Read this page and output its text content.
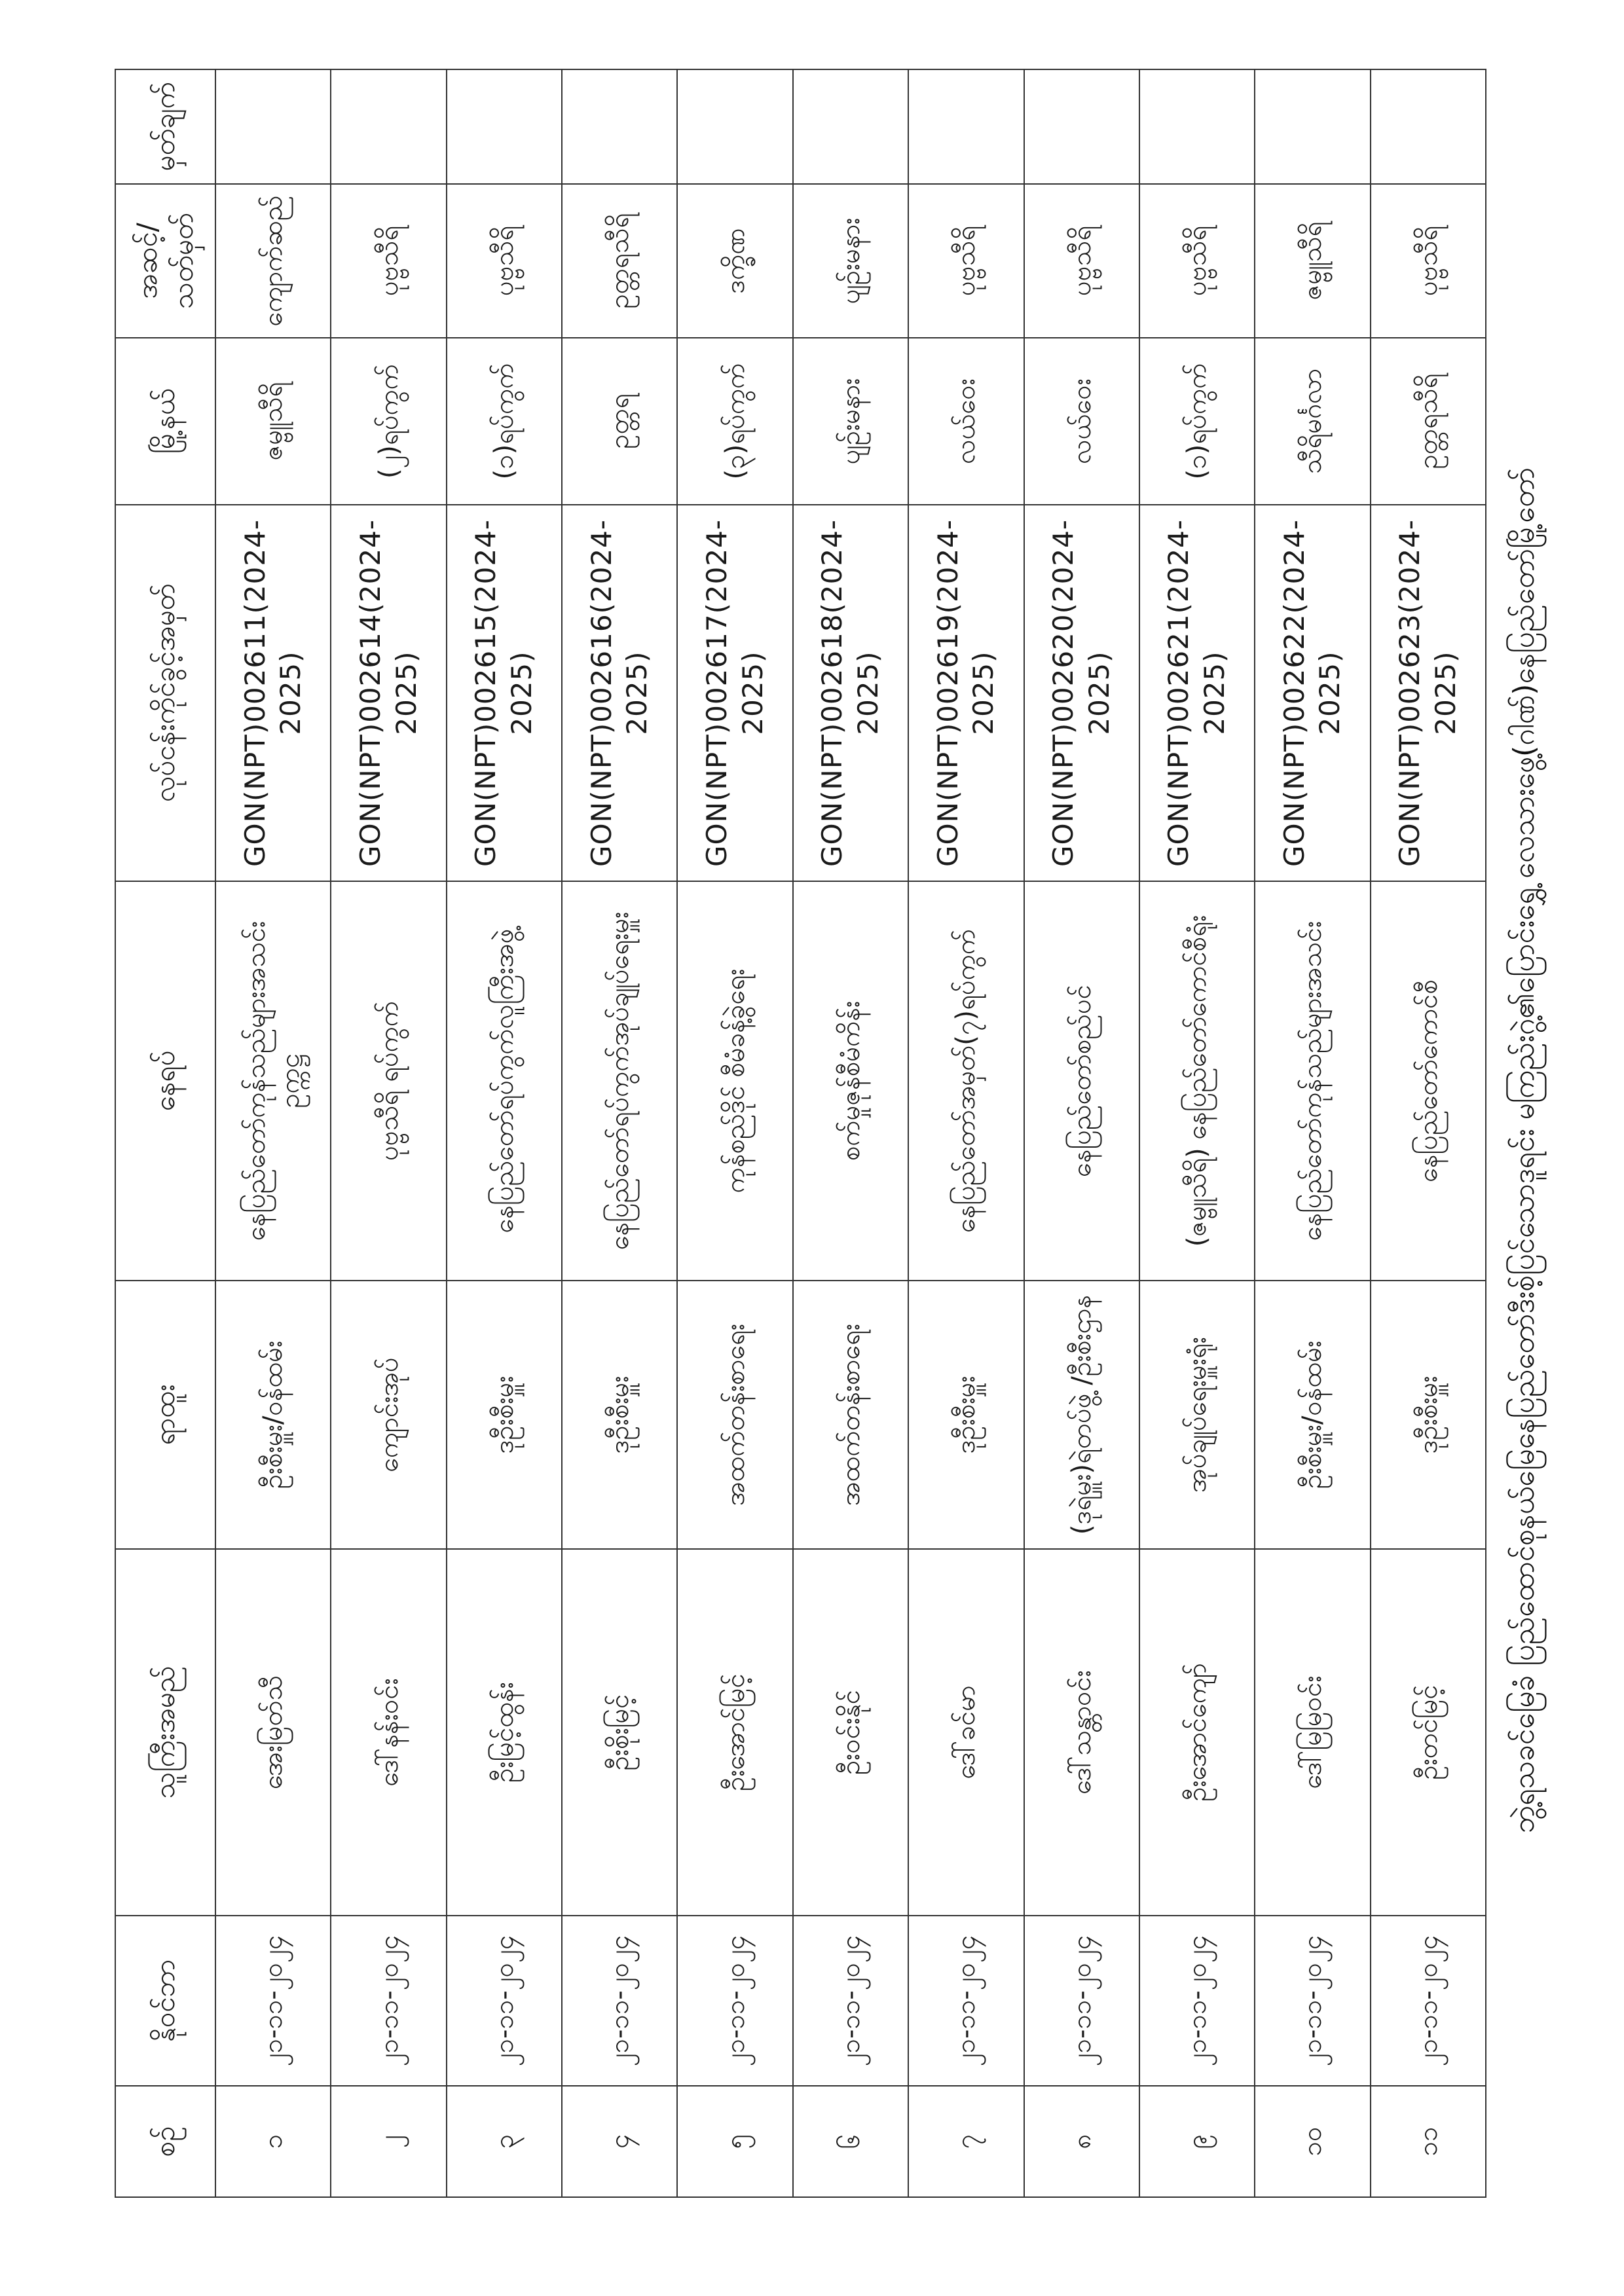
ဘွဲ့ရသခင်မြေခံ ပြည်ထောင်စုနယ်မြေနေပြည်တော်ဒီးစ့်ပြင်သောဒူရင်း မကြည်းဂွဲ့၏ပြောင်းရွှေ့ လေသားဖွေ့(ဂါဏ်)နေပြည်တော်မြို့တော်
စဉ်	နိုဝင်ဘာ	သူကြီးအမည်	ရာထူး	နေရပ်	လုပ်ငန်းကိုင်ခွင့်အမှတ်	မြို့နယ်	အဆင့်/သတ်မှတ်	မှတ်ချက်
၁	၂၁-၁၁-၂၀၂၄	အေးမြတ်သီ	ဦးစီးမှူး/ဝန်ထမ်း	နေပြည်တော်ကုန်သည်များအသင်း ဥက္ကဋ္ဌ	GON(NPT)002611(2024-2025)	ဇမ္ဗူသီရိ	ကျောက်ဆည်	
၂	၂၁-၁၁-၂၀၂၄	ဒေါ်နန်းဝင်း	ကျောင်းအုပ်	ပုဗ္ဗသီရိ ရပ်ကွက်	GON(NPT)002614(2024-2025)	(၂)ရပ်ကွက်	ပုဗ္ဗသီရိ	
၃	၂၁-၁၁-၂၀၂၄	ဦးမြင့်ထွန်း	ဒုဦးစီးမှူး	နေပြည်တော်ရပ်ကွက်လူကြီးအဖွဲ့	GON(NPT)002615(2024-2025)	(၁)ရပ်ကွက်	ပုဗ္ဗသီရိ	
၄	၂၁-၁၁-၂၀၂၄	ဦးစိုးမြင့်	ဒုဦးစီးမှူး	နေပြည်တော်ရပ်ကွက်အုပ်ချုပ်ရေးမှူး	GON(NPT)002616(2024-2025)	ဥတ္တရ	ဥတ္တရသီရိ	
၅	၂၁-၁၁-၂၀၂၄	ဦးအောင်မြင့်	အထက်တန်းစာရေး	ကုန်စည်ဒိုင် စီမံခန့်ခွဲရေး	GON(NPT)002617(2024-2025)	(၃)ရပ်ကွက်	ဒက္ခိဏ	
၆	၂၁-၁၁-၂၀၂၄	ဦးဝင်းနိုင်	အထက်တန်းစာရေး	စက်မှုဇုန်စီမံကိန်း	GON(NPT)002618(2024-2025)	ပျဉ်းမနား	ပျဉ်းမနား	
၇	၂၁-၁၁-၂၀၂၄	ဒေါ်ခင်မာ	ဒုဦးစီးမှူး	နေပြည်တော်အမှတ်(၇)ရပ်ကွက်	GON(NPT)002619(2024-2025)	လယ်ဝေး	ပုဗ္ဗသီရိ	
၈	၂၁-၁၁-၂၀၂၄	ဒေါ်သန္တာဝင်း	(ဒုရဲမှူး)ရဲတပ်ဖွဲ့ /ဦးစီးဌာန	နေပြည်တော်စည်ပင်	GON(NPT)002620(2024-2025)	လယ်ဝေး	ပုဗ္ဗသီရိ	
၉	၂၁-၁၁-၂၀၂၄	ဦးအောင်ကျော်	အုပ်ချုပ်ရေးမှူးရုံး	(ဇမ္ဗူသီရိ) နေပြည်တော်ကောင်စီရုံး	GON(NPT)002621(2024-2025)	(၁)ရပ်ကွက်	ပုဗ္ဗသီရိ	
၁၀	၂၁-၁၁-၂၀၂၄	ဒေါ်မြမြဝင်း	ဦးစီးမှူး/ဝန်ထမ်း	နေပြည်တော်ကုန်သည်များအသင်း	GON(NPT)002622(2024-2025)	သီရိမင်္ဂလာ	ဇမ္ဗူသီရိ	
၁၁	၂၁-၁၁-၂၀၂၄	ဦးတင်မြင့်	ဒုဦးစီးမှူး	နေပြည်တော်ကောင်စီ	GON(NPT)002623(2024-2025)	ဥတ္တရသီရိ	ပုဗ္ဗသီရိ	
